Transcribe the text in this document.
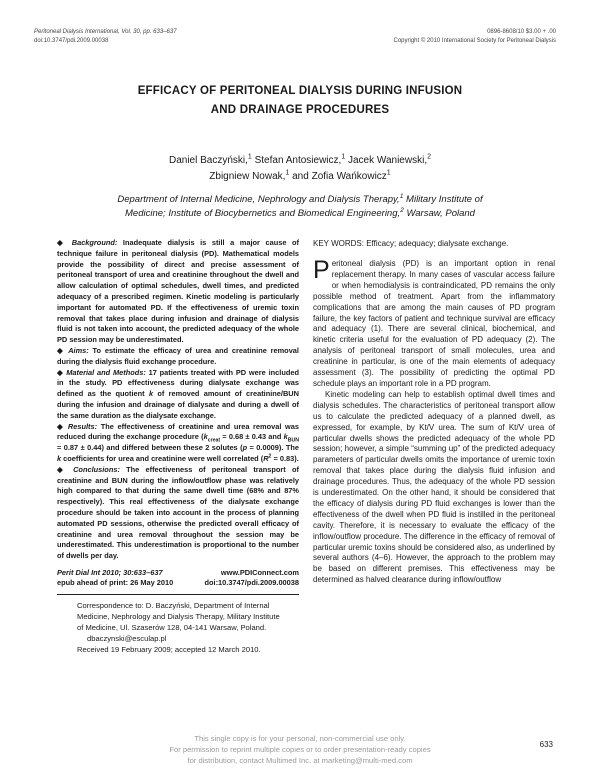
Peritoneal Dialysis International, Vol. 30, pp. 633–637
doi:10.3747/pdi.2009.00038
0896-8608/10 $3.00 + .00
Copyright © 2010 International Society for Peritoneal Dialysis
EFFICACY OF PERITONEAL DIALYSIS DURING INFUSION
AND DRAINAGE PROCEDURES
Daniel Baczyński,$^1$ Stefan Antosiewicz,$^1$ Jacek Waniewski,$^2$
Zbigniew Nowak,$^1$ and Zofia Wańkowicz$^1$
Department of Internal Medicine, Nephrology and Dialysis Therapy,$^1$ Military Institute of
Medicine; Institute of Biocybernetics and Biomedical Engineering,$^2$ Warsaw, Poland

◆ Background: Inadequate dialysis is still a major cause of technique failure in peritoneal dialysis (PD). Mathematical models provide the possibility of direct and precise assessment of peritoneal transport of urea and creatinine throughout the dwell and allow calculation of optimal schedules, dwell times, and predicted adequacy of a prescribed regimen. Kinetic modeling is particularly important for automated PD. If the effectiveness of uremic toxin removal that takes place during infusion and drainage of dialysis fluid is not taken into account, the predicted adequacy of the whole PD session may be underestimated.

◆ Aims: To estimate the efficacy of urea and creatinine removal during the dialysis fluid exchange procedure.

◆ Material and Methods: 17 patients treated with PD were included in the study. PD effectiveness during dialysate exchange was defined as the quotient k of removed amount of creatinine/BUN during the infusion and drainage of dialysate and during a dwell of the same duration as the dialysate exchange.

◆ Results: The effectiveness of creatinine and urea removal was reduced during the exchange procedure ($k_{creat} = 0.68 \pm 0.43$ and $k_{BUN} = 0.87 \pm 0.44$) and differed between these 2 solutes (p = 0.0009). The k coefficients for urea and creatinine were well correlated $(R^2 = 0.83)$.

◆ Conclusions: The effectiveness of peritoneal transport of creatinine and BUN during the inflow/outflow phase was relatively high compared to that during the same dwell time (68% and 87% respectively). This real effectiveness of the dialysate exchange procedure should be taken into account in the process of planning automated PD sessions, otherwise the predicted overall efficacy of creatinine and urea removal throughout the session may be underestimated. This underestimation is proportional to the number of dwells per day.

Perit Dial Int 2010; 30:633–637	www.PDIConnect.com
epub ahead of print: 26 May 2010	doi:10.3747/pdi.2009.00038
Correspondence to: D. Baczyński, Department of Internal
Medicine, Nephrology and Dialysis Therapy, Military Institute
of Medicine, Ul. Szaserów 128, 04-141 Warsaw, Poland.
dbaczynski@esculap.pl
Received 19 February 2009; accepted 12 March 2010.
KEY WORDS: Efficacy; adequacy; dialysate exchange.

Peritoneal dialysis (PD) is an important option in renal replacement therapy. In many cases of vascular access failure or when hemodialysis is contraindicated, PD remains the only possible method of treatment. Apart from the inflammatory complications that are among the main causes of PD program failure, the key factors of patient and technique survival are efficacy and adequacy (1). There are several clinical, biochemical, and kinetic criteria useful for the evaluation of PD adequacy (2). The analysis of peritoneal transport of small molecules, urea and creatinine in particular, is one of the main elements of adequacy assessment (3). The possibility of predicting the optimal PD schedule plays an important role in a PD program.

Kinetic modeling can help to establish optimal dwell times and dialysis schedules. The characteristics of peritoneal transport allow us to calculate the predicted adequacy of a planned dwell, as expressed, for example, by Kt/V urea. The sum of Kt/V urea of particular dwells shows the predicted adequacy of the whole PD session; however, a simple “summing up” of the predicted adequacy parameters of particular dwells omits the importance of uremic toxin removal that takes place during the dialysis fluid infusion and drainage procedures. Thus, the adequacy of the whole PD session is underestimated. On the other hand, it should be considered that the efficacy of dialysis during PD fluid exchanges is lower than the effectiveness of the dwell when PD fluid is instilled in the peritoneal cavity. Therefore, it is necessary to evaluate the efficacy of the inflow/outflow procedure. The difference in the efficacy of removal of particular uremic toxins should be considered also, as underlined by several authors (4–6). However, the approach to the problem may be based on different premises. This effectiveness may be determined as halved clearance during inflow/outflow

This single copy is for your personal, non-commercial use only.
For permission to reprint multiple copies or to order presentation-ready copies
for distribution, contact Multimed Inc. at marketing@multi-med.com
633
